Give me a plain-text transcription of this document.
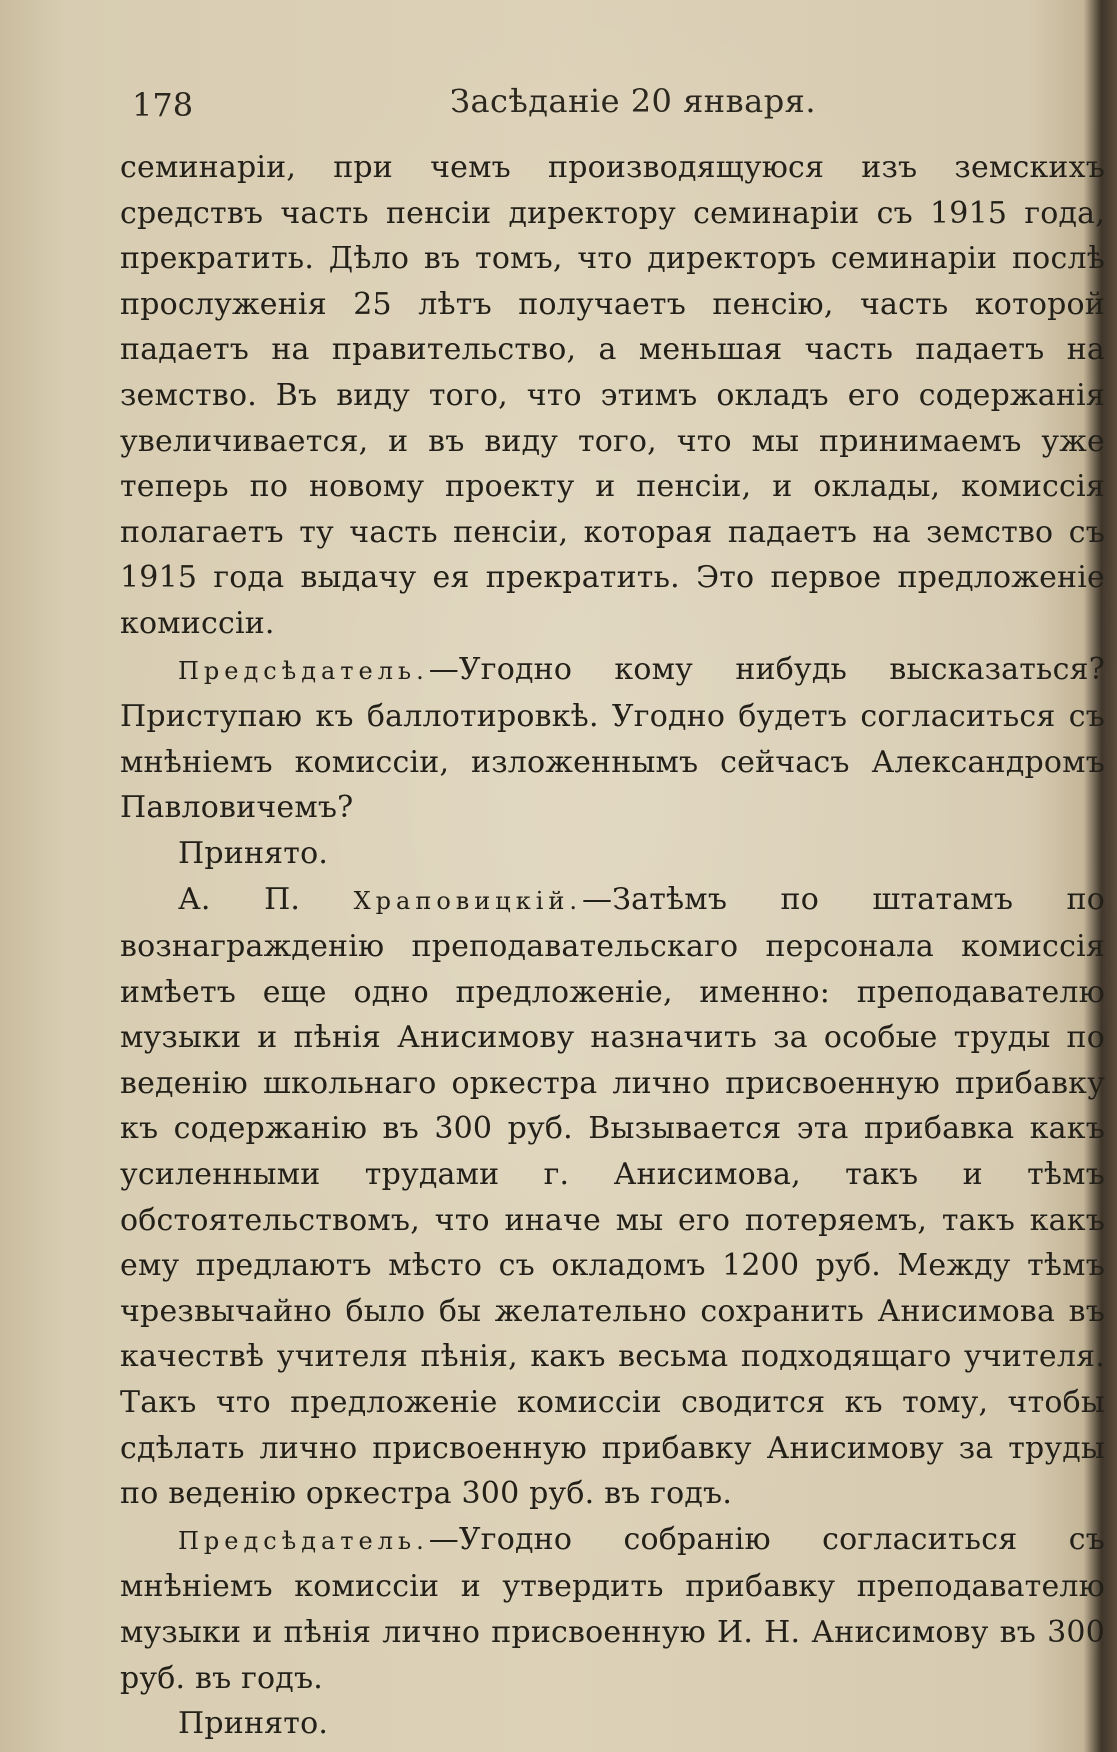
178	Засѣданіе 20 января.

семинаріи, при чемъ производящуюся изъ земскихъ средствъ часть пенсіи директору семинаріи съ 1915 года, прекратить. Дѣло въ томъ, что директоръ семинаріи послѣ прослуженія 25 лѣтъ получаетъ пенсію, часть которой падаетъ на правительство, а меньшая часть падаетъ на земство. Въ виду того, что этимъ окладъ его содержанія увеличивается, и въ виду того, что мы принимаемъ уже теперь по новому проекту и пенсіи, и оклады, комиссія полагаетъ ту часть пенсіи, которая падаетъ на земство съ 1915 года выдачу ея прекратить. Это первое предложеніе комиссіи.

Предсѣдатель.—Угодно кому нибудь высказаться? Приступаю къ баллотировкѣ. Угодно будетъ согласиться съ мнѣніемъ комиссіи, изложеннымъ сейчасъ Александромъ Павловичемъ?

Принято.

А. П. Храповицкій.—Затѣмъ по штатамъ по вознагражденію преподавательскаго персонала комиссія имѣетъ еще одно предложеніе, именно: преподавателю музыки и пѣнія Анисимову назначить за особые труды по веденію школьнаго оркестра лично присвоенную прибавку къ содержанію въ 300 руб. Вызывается эта прибавка какъ усиленными трудами г. Анисимова, такъ и тѣмъ обстоятельствомъ, что иначе мы его потеряемъ, такъ какъ ему предлаютъ мѣсто съ окладомъ 1200 руб. Между тѣмъ чрезвычайно было бы желательно сохранить Анисимова въ качествѣ учителя пѣнія, какъ весьма подходящаго учителя. Такъ что предложеніе комиссіи сводится къ тому, чтобы сдѣлать лично присвоенную прибавку Анисимову за труды по веденію оркестра 300 руб. въ годъ.

Предсѣдатель.—Угодно собранію согласиться съ мнѣніемъ комиссіи и утвердить прибавку преподавателю музыки и пѣнія лично присвоенную И. Н. Анисимову въ 300 руб. въ годъ.

Принято.
